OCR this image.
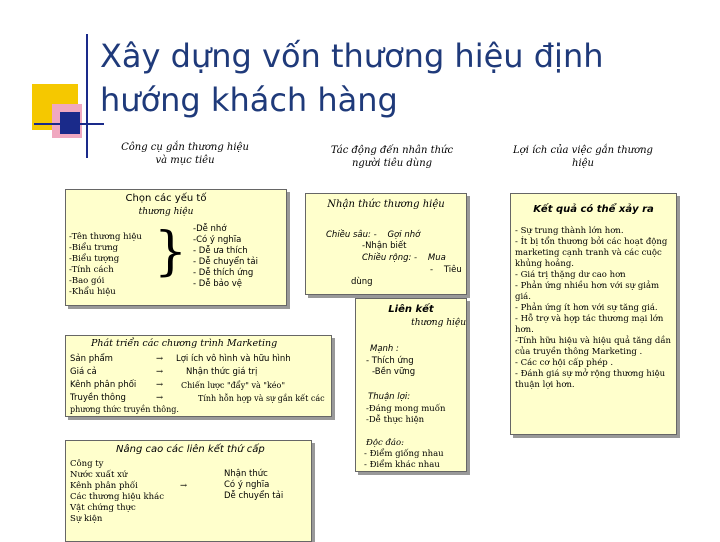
Xây dựng vốn thương hiệu định hướng khách hàng
Công cụ gắn thương hiệu và mục tiêu
Tác động đến nhân thức người tiêu dùng
Lợi ích của việc gắn thương hiệu
Chọn các yếu tố
thương hiệu
-Tên thương hiệu
-Biểu trưng
-Biểu tượng
-Tính cách
-Bao gói
-Khẩu hiệu
} -Dễ nhớ
-Có ý nghĩa
- Dễ ưa thích
- Dễ chuyển tải
- Dễ thích ứng
- Dễ bảo vệ
Phát triển các chương trình Marketing
Sản phẩm
Giá cả
Kênh phân phối
Truyền thông
→
→
→
→
Lợi ích vô hình và hữu hình
Nhận thức giá trị
Chiến lược "đẩy" và "kéo"
Tính hỗn hợp và sự gắn kết các phương thức truyền thông.
Nâng cao các liên kết thứ cấp
Công ty
Nước xuất xứ
Kênh phân phối
Các thương hiệu khác
Vật chứng thực
Sự kiện
→
Nhận thức
Có ý nghĩa
Dễ chuyển tải
Nhận thức thương hiệu
Chiều sâu: -    Gợi nhớ
-Nhận biết
Chiều rộng: -    Mua
-    Tiêu
dùng
Liên kết
thương hiệu
Mạnh :
- Thích ứng
-Bền vững
Thuận lợi:
-Đáng mong muốn
-Dễ thực hiện
Độc đáo:
- Điểm giống nhau
- Điểm khác nhau
Kết quả có thể xảy ra
- Sự trung thành lớn hơn.
- Ít bị tổn thương bởi các hoạt động marketing cạnh tranh và các cuộc khủng hoảng.
- Giá trị thặng dư cao hơn
- Phản ứng nhiều hơn với sự giảm giá.
- Phản ứng ít hơn với sự tăng giá.
- Hỗ trợ và hợp tác thương mại lớn hơn.
-Tính hữu hiệu và hiệu quả tăng dần của truyền thông Marketing .
- Các cơ hội cấp phép .
- Đánh giá sự mở rộng thương hiệu thuận lợi hơn.
